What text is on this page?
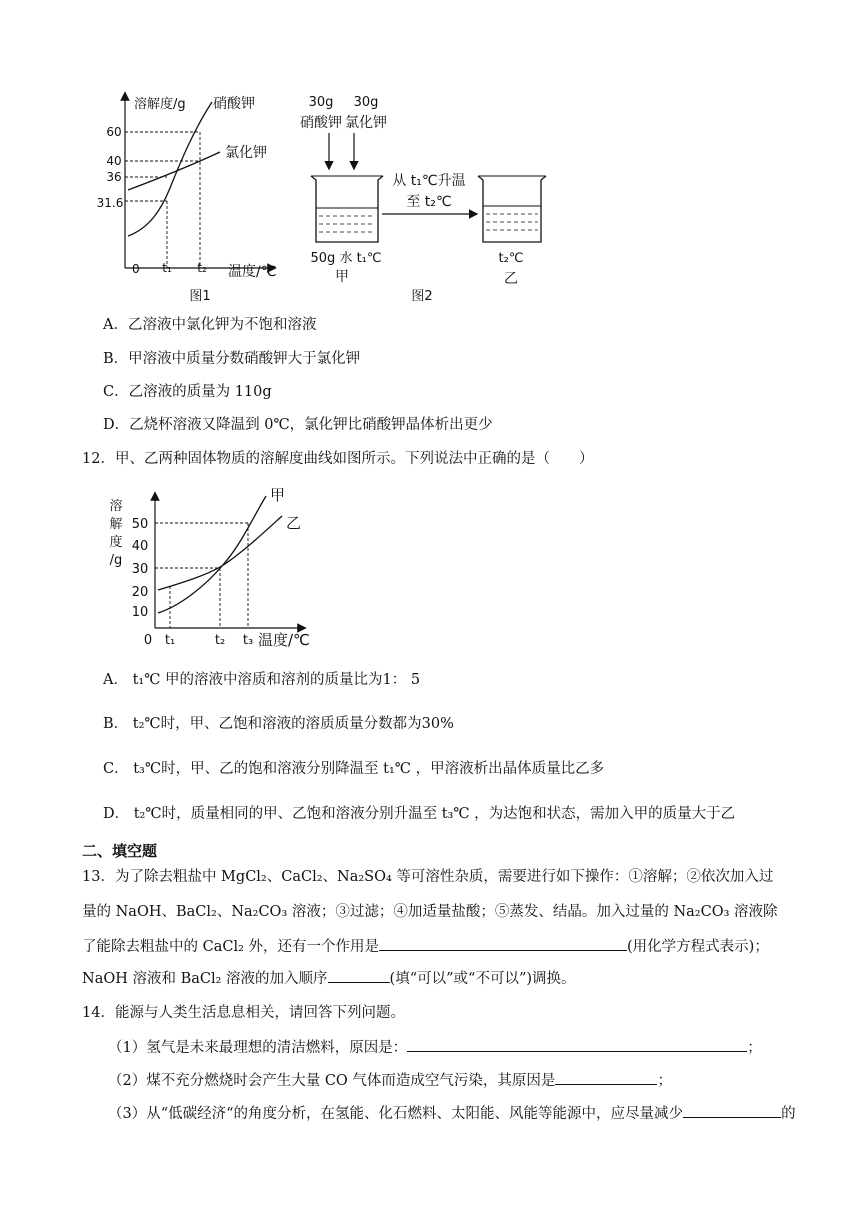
溶解度/g 硝酸钾
氯化钾
60
40
36
31.6
0 t₁ t₂ 温度/℃
图1
30g 30g
硝酸钾 氯化钾
从 t₁℃升温
至 t₂℃
50g 水 t₁℃
甲
t₂℃
乙
图2
A．乙溶液中氯化钾为不饱和溶液
B．甲溶液中质量分数硝酸钾大于氯化钾
C．乙溶液的质量为 110g
D．乙烧杯溶液又降温到 0℃，氯化钾比硝酸钾晶体析出更少
12．甲、乙两种固体物质的溶解度曲线如图所示。下列说法中正确的是（　　）
溶
解
度
/g
50
40
30
20
10
0 t₁	t₂ t₃ 温度/℃
甲
乙
A． t₁℃ 甲的溶液中溶质和溶剂的质量比为1： 5
B． t₂℃时，甲、乙饱和溶液的溶质质量分数都为30%
C． t₃℃时，甲、乙的饱和溶液分别降温至 t₁℃ ，甲溶液析出晶体质量比乙多
D． t₂℃时，质量相同的甲、乙饱和溶液分别升温至 t₃℃ ，为达饱和状态，需加入甲的质量大于乙
二、填空题
13．为了除去粗盐中 MgCl₂、CaCl₂、Na₂SO₄ 等可溶性杂质，需要进行如下操作：①溶解；②依次加入过
量的 NaOH、BaCl₂、Na₂CO₃ 溶液；③过滤；④加适量盐酸；⑤蒸发、结晶。加入过量的 Na₂CO₃ 溶液除
了能除去粗盐中的 CaCl₂ 外，还有一个作用是	(用化学方程式表示)；
NaOH 溶液和 BaCl₂ 溶液的加入顺序	(填“可以”或“不可以”)调换。
14．能源与人类生活息息相关，请回答下列问题。
（1）氢气是未来最理想的清洁燃料，原因是：	；
（2）煤不充分燃烧时会产生大量 CO 气体而造成空气污染，其原因是	；
（3）从“低碳经济“的角度分析，在氢能、化石燃料、太阳能、风能等能源中，应尽量减少	的
